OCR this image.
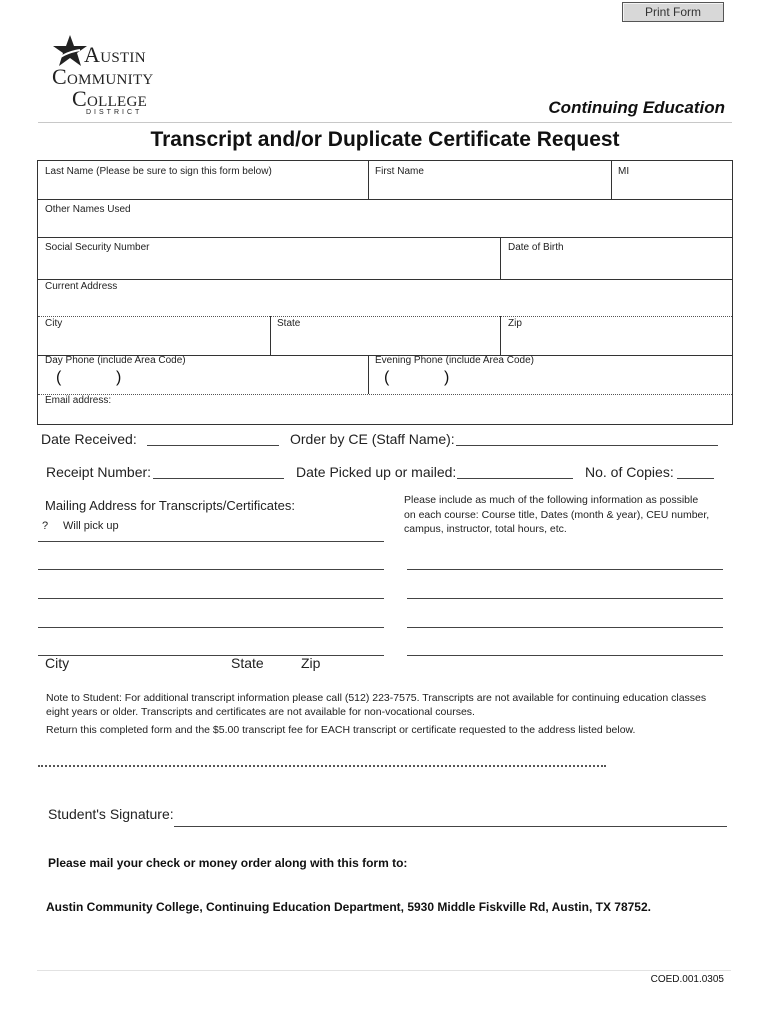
Print Form
Austin
Community
College
DISTRICT	Continuing Education
Transcript and/or Duplicate Certificate Request
Last Name (Please be sure to sign this form below)	First Name	MI
Other Names Used
Social Security Number	Date of Birth
Current Address
City	State	Zip
Day Phone (include Area Code)
(	)
Evening Phone (include Area Code)
(	)
Email address:
Date Received:	Order by CE (Staff Name):
Receipt Number:	Date Picked up or mailed:	No. of Copies:
Mailing Address for Transcripts/Certificates:
? Will pick up
City	State	Zip
Please include as much of the following information as possible
on each course: Course title, Dates (month & year), CEU number,
campus, instructor, total hours, etc.
Note to Student: For additional transcript information please call (512) 223-7575. Transcripts are not available for continuing education classes
eight years or older. Transcripts and certificates are not available for non-vocational courses.
Return this completed form and the $5.00 transcript fee for EACH transcript or certificate requested to the address listed below.
Student's Signature:
Please mail your check or money order along with this form to:
Austin Community College, Continuing Education Department, 5930 Middle Fiskville Rd, Austin, TX 78752.
COED.001.0305
